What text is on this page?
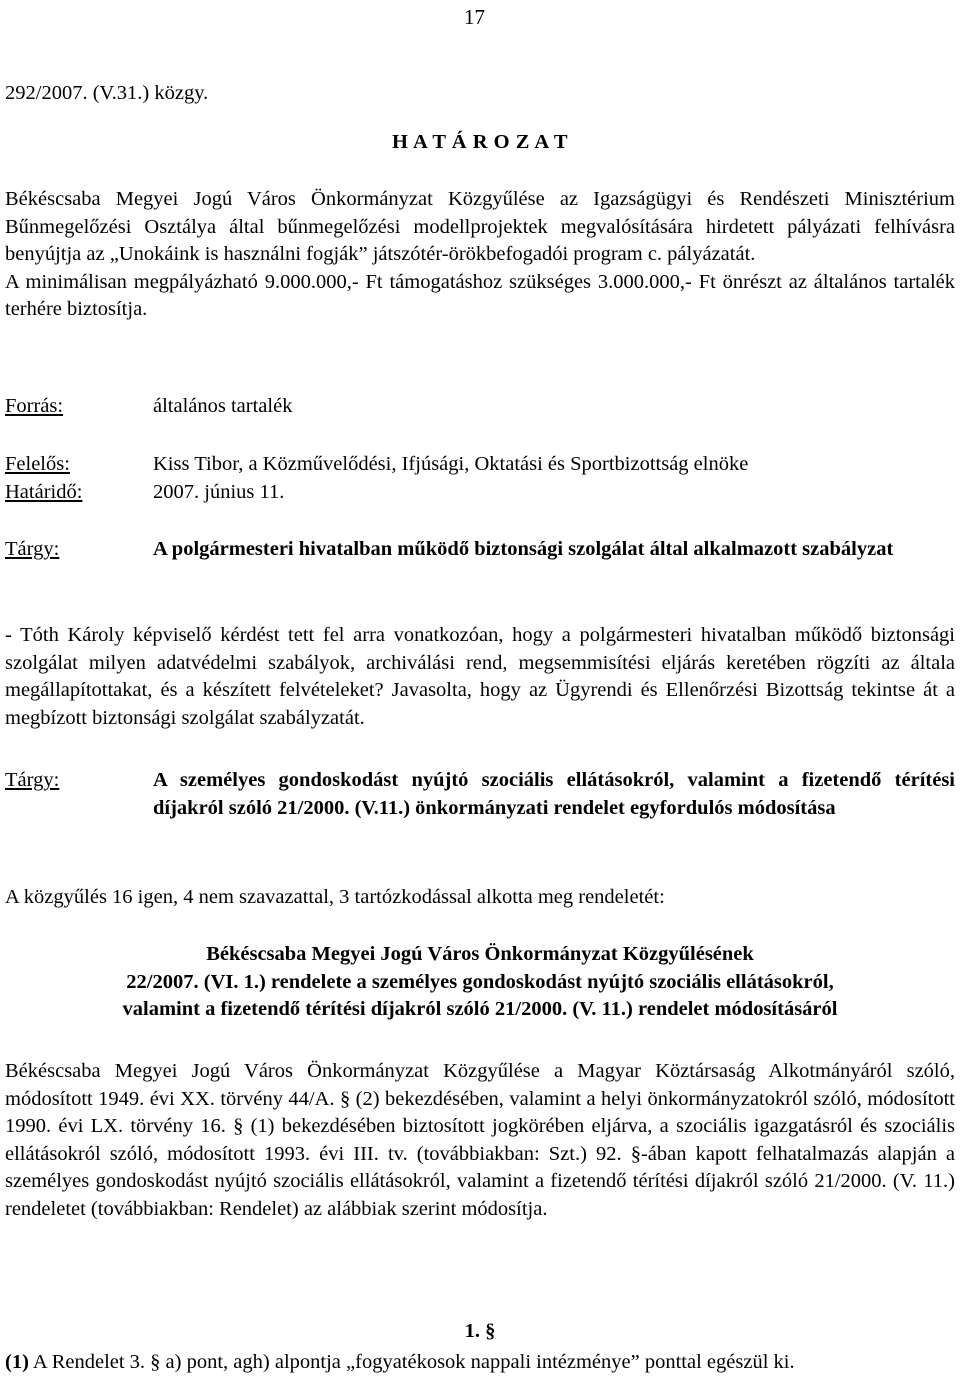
17
292/2007. (V.31.) közgy.
H A T Á R O Z A T

Békéscsaba Megyei Jogú Város Önkormányzat Közgyűlése az Igazságügyi és Rendészeti Minisztérium Bűnmegelőzési Osztálya által bűnmegelőzési modellprojektek megvalósítására hirdetett pályázati felhívásra benyújtja az „Unokáink is használni fogják” játszótér-örökbefogadói program c. pályázatát.

A minimálisan megpályázható 9.000.000,- Ft támogatáshoz szükséges 3.000.000,- Ft önrészt az általános tartalék terhére biztosítja.

Forrás:	általános tartalék
Felelős:	Kiss Tibor, a Közművelődési, Ifjúsági, Oktatási és Sportbizottság elnöke
Határidő:	2007. június 11.
Tárgy:	A polgármesteri hivatalban működő biztonsági szolgálat által alkalmazott szabályzat

- Tóth Károly képviselő kérdést tett fel arra vonatkozóan, hogy a polgármesteri hivatalban működő biztonsági szolgálat milyen adatvédelmi szabályok, archiválási rend, megsemmisítési eljárás keretében rögzíti az általa megállapítottakat, és a készített felvételeket? Javasolta, hogy az Ügyrendi és Ellenőrzési Bizottság tekintse át a megbízott biztonsági szolgálat szabályzatát.

Tárgy:	A személyes gondoskodást nyújtó szociális ellátásokról, valamint a fizetendő térítési díjakról szóló 21/2000. (V.11.) önkormányzati rendelet egyfordulós módosítása

A közgyűlés 16 igen, 4 nem szavazattal, 3 tartózkodással alkotta meg rendeletét:

Békéscsaba Megyei Jogú Város Önkormányzat Közgyűlésének
22/2007. (VI. 1.) rendelete a személyes gondoskodást nyújtó szociális ellátásokról,
valamint a fizetendő térítési díjakról szóló 21/2000. (V. 11.) rendelet módosításáról

Békéscsaba Megyei Jogú Város Önkormányzat Közgyűlése a Magyar Köztársaság Alkotmányáról szóló, módosított 1949. évi XX. törvény 44/A. § (2) bekezdésében, valamint a helyi önkormányzatokról szóló, módosított 1990. évi LX. törvény 16. § (1) bekezdésében biztosított jogkörében eljárva, a szociális igazgatásról és szociális ellátásokról szóló, módosított 1993. évi III. tv. (továbbiakban: Szt.) 92. §-ában kapott felhatalmazás alapján a személyes gondoskodást nyújtó szociális ellátásokról, valamint a fizetendő térítési díjakról szóló 21/2000. (V. 11.) rendeletet (továbbiakban: Rendelet) az alábbiak szerint módosítja.

1. §

(1) A Rendelet 3. § a) pont, agh) alpontja „fogyatékosok nappali intézménye” ponttal egészül ki.
